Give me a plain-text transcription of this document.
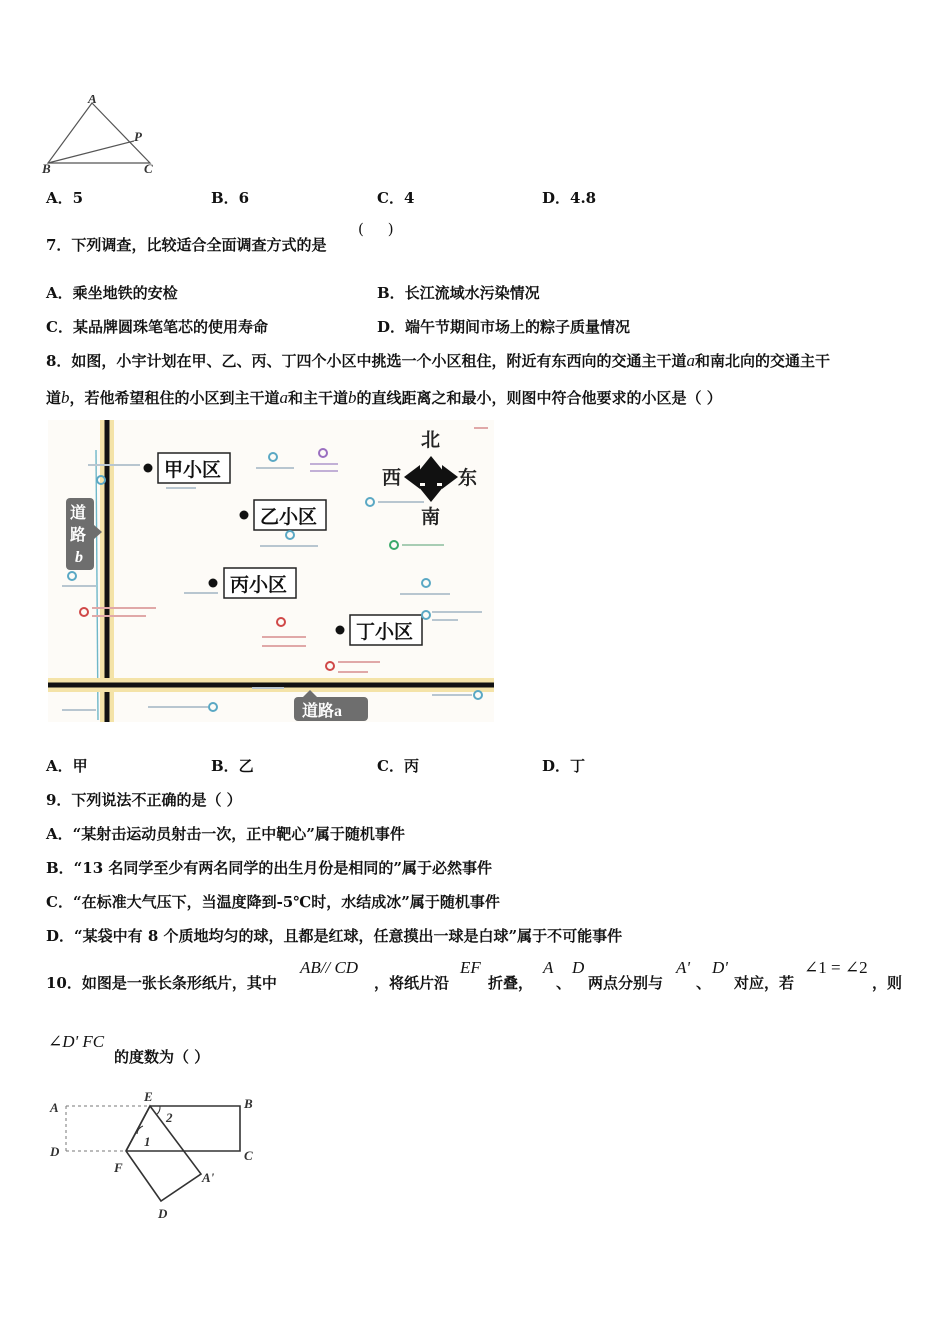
A
B	C
P
A．5	B．6	C．4	D．4.8
7．下列调查，比较适合全面调查方式的是
(     )
A．乘坐地铁的安检	B．长江流域水污染情况
C．某品牌圆珠笔笔芯的使用寿命	D．端午节期间市场上的粽子质量情况
8．如图，小宇计划在甲、乙、丙、丁四个小区中挑选一个小区租住，附近有东西向的交通主干道a和南北向的交通主干
道b，若他希望租住的小区到主干道a和主干道b的直线距离之和最小，则图中符合他要求的小区是（ ）
道
路
b
道路a
甲小区
乙小区
丙小区
丁小区
北
南
西	东
A．甲	B．乙	C．丙	D．丁
9．下列说法不正确的是（ ）
A．“某射击运动员射击一次，正中靶心”属于随机事件
B．“13 名同学至少有两名同学的出生月份是相同的”属于必然事件
C．“在标准大气压下，当温度降到-5℃时，水结成冰”属于随机事件
D．“某袋中有 8 个质地均匀的球，且都是红球，任意摸出一球是白球”属于不可能事件
10．如图是一张长条形纸片，其中
AB// CD
，将纸片沿
EF
折叠，
A
、
D
两点分别与
A'
、
D'
对应，若
∠1 = ∠2
，则
∠D' FC
的度数为（ ）
A
E	B
D
F
C
A'
D
1
2
